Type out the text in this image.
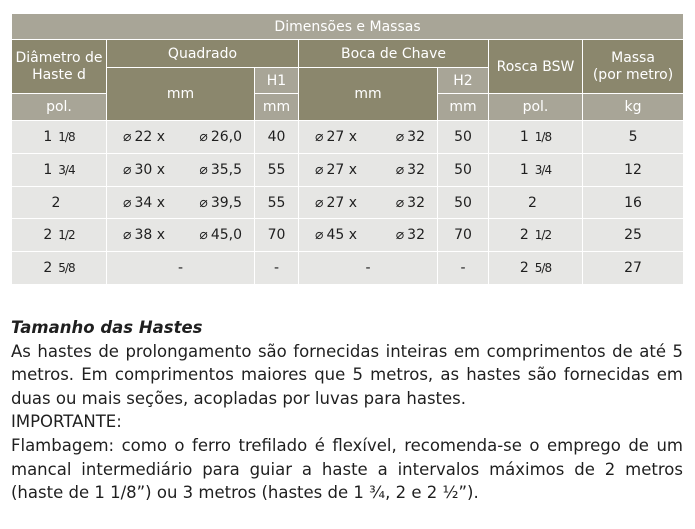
Dimensões e Massas						
Diâmetro de Haste d	Quadrado		Boca de Chave		Rosca BSW	Massa
(por metro)
	mm	H1	mm	H2		
pol.		mm		mm	pol.	kg

1 1/8	⌀ 22 x ⌀ 26,0	40	⌀ 27 x ⌀ 32	50	1 1/8	5

1 3/4	⌀ 30 x ⌀ 35,5	55	⌀ 27 x ⌀ 32	50	1 3/4	12

2	⌀ 34 x ⌀ 39,5	55	⌀ 27 x ⌀ 32	50	2	16

2 1/2	⌀ 38 x ⌀ 45,0	70	⌀ 45 x ⌀ 32	70	2 1/2	25

2 5/8	-	-	-	-	2 5/8	27
Tamanho das Hastes

As hastes de prolongamento são fornecidas inteiras em comprimentos de até 5 metros. Em comprimentos maiores que 5 metros, as hastes são fornecidas em duas ou mais seções, acopladas por luvas para hastes.

IMPORTANTE:

Flambagem: como o ferro trefilado é flexível, recomenda-se o emprego de um mancal intermediário para guiar a haste a intervalos máximos de 2 metros (haste de 1 1/8”) ou 3 metros (hastes de 1 ¾, 2 e 2 ½”).
